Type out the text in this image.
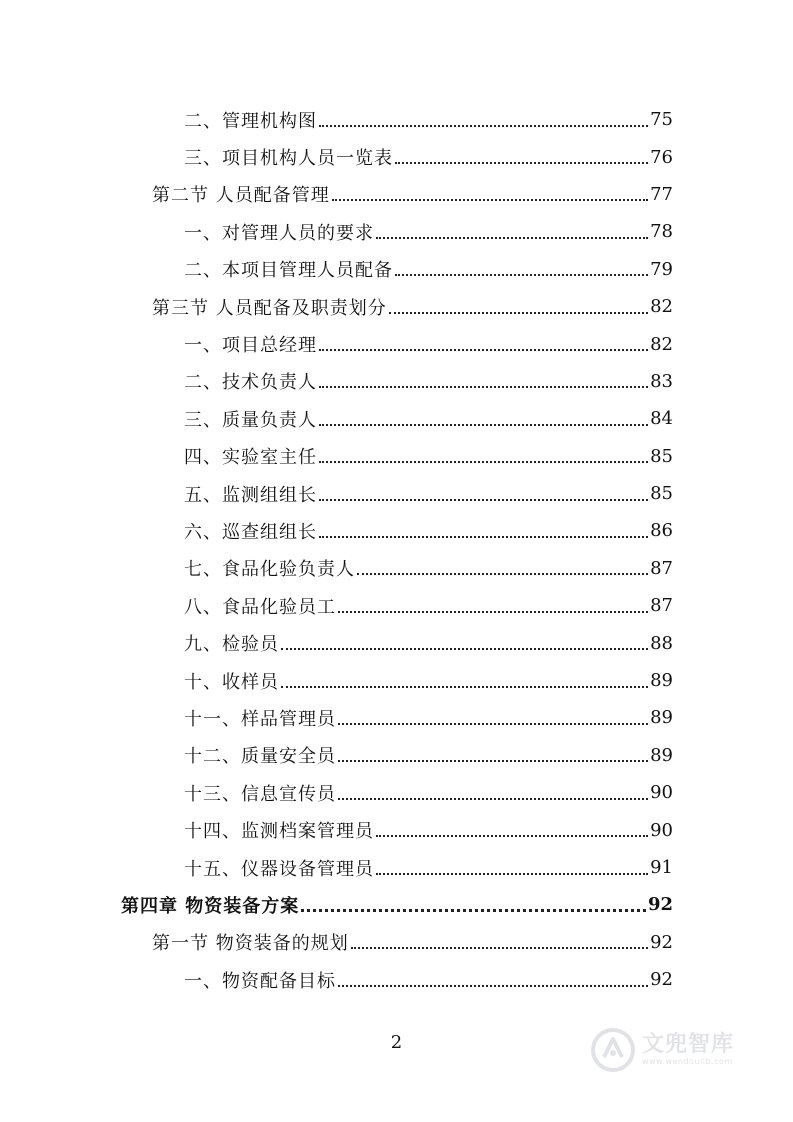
二、管理机构图	75
三、项目机构人员一览表	76
第二节 人员配备管理	77
一、对管理人员的要求	78
二、本项目管理人员配备	79
第三节 人员配备及职责划分	82
一、项目总经理	82
二、技术负责人	83
三、质量负责人	84
四、实验室主任	85
五、监测组组长	85
六、巡查组组长	86
七、食品化验负责人	87
八、食品化验员工	87
九、检验员	88
十、收样员	89
十一、样品管理员	89
十二、质量安全员	89
十三、信息宣传员	90
十四、监测档案管理员	90
十五、仪器设备管理员	91
第四章 物资装备方案	92
第一节 物资装备的规划	92
一、物资配备目标	92
2	文兜智库
www.wendoulib.com
